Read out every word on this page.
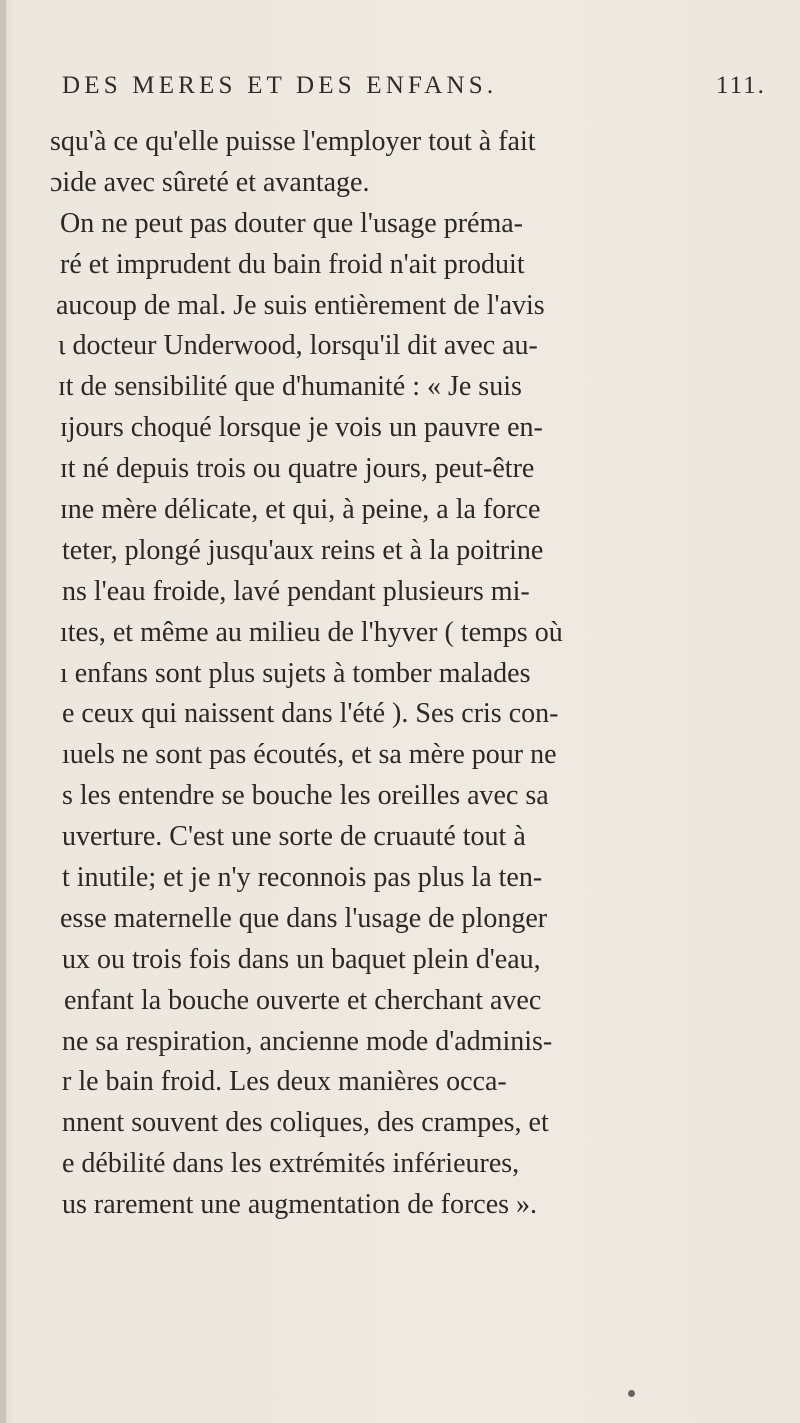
DES MERES ET DES ENFANS.	111.
squ'à ce qu'elle puisse l'employer tout à fait
ɔide avec sûreté et avantage.
On ne peut pas douter que l'usage préma-
ré et imprudent du bain froid n'ait produit
aucoup de mal. Je suis entièrement de l'avis
ι docteur Underwood, lorsqu'il dit avec au-
ɪt de sensibilité que d'humanité : « Je suis
ɪjours choqué lorsque je vois un pauvre en-
ɪt né depuis trois ou quatre jours, peut-être
ɪne mère délicate, et qui, à peine, a la force
teter, plongé jusqu'aux reins et à la poitrine
ns l'eau froide, lavé pendant plusieurs mi-
ıtes, et même au milieu de l'hyver ( temps où
ı enfans sont plus sujets à tomber malades
e ceux qui naissent dans l'été ). Ses cris con-
ıuels ne sont pas écoutés, et sa mère pour ne
s les entendre se bouche les oreilles avec sa
uverture. C'est une sorte de cruauté tout à
t inutile; et je n'y reconnois pas plus la ten-
esse maternelle que dans l'usage de plonger
ux ou trois fois dans un baquet plein d'eau,
enfant la bouche ouverte et cherchant avec
ne sa respiration, ancienne mode d'adminis-
r le bain froid. Les deux manières occa-
nnent souvent des coliques, des crampes, et
e débilité dans les extrémités inférieures,
us rarement une augmentation de forces ».
